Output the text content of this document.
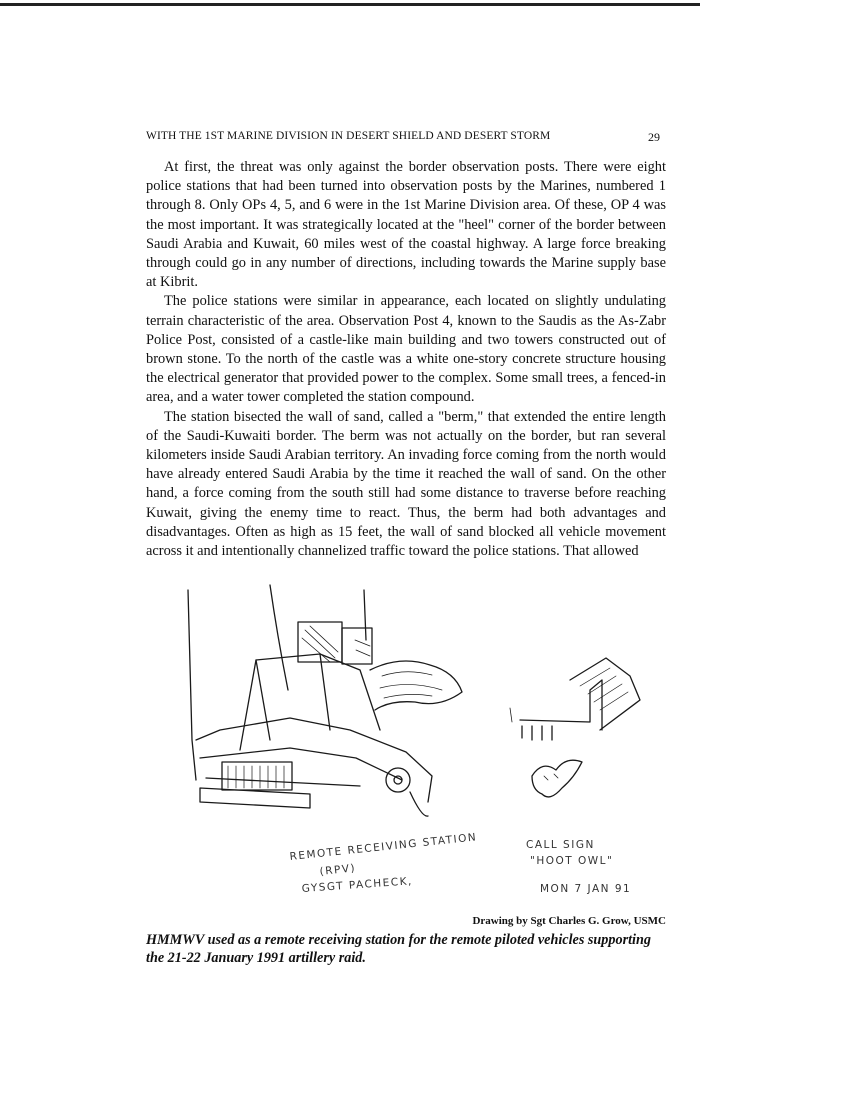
WITH THE 1ST MARINE DIVISION IN DESERT SHIELD AND DESERT STORM	29

At first, the threat was only against the border observation posts. There were eight police stations that had been turned into observation posts by the Marines, numbered 1 through 8. Only OPs 4, 5, and 6 were in the 1st Marine Division area. Of these, OP 4 was the most important. It was strategically located at the "heel" corner of the border between Saudi Arabia and Kuwait, 60 miles west of the coastal highway. A large force breaking through could go in any number of directions, including towards the Marine supply base at Kibrit.

The police stations were similar in appearance, each located on slightly undulating terrain characteristic of the area. Observation Post 4, known to the Saudis as the As-Zabr Police Post, consisted of a castle-like main building and two towers constructed out of brown stone. To the north of the castle was a white one-story concrete structure housing the electrical generator that provided power to the complex. Some small trees, a fenced-in area, and a water tower completed the station compound.

The station bisected the wall of sand, called a "berm," that extended the entire length of the Saudi-Kuwaiti border. The berm was not actually on the border, but ran several kilometers inside Saudi Arabian territory. An invading force coming from the north would have already entered Saudi Arabia by the time it reached the wall of sand. On the other hand, a force coming from the south still had some distance to traverse before reaching Kuwait, giving the enemy time to react. Thus, the berm had both advantages and disadvantages. Often as high as 15 feet, the wall of sand blocked all vehicle movement across it and intentionally channelized traffic toward the police stations. That allowed

REMOTE RECEIVING STATION
(RPV)
GYSGT PACHECK,
CALL SIGN
"HOOT OWL"
MON 7 JAN 91
Drawing by Sgt Charles G. Grow, USMC
HMMWV used as a remote receiving station for the remote piloted vehicles supporting the 21-22 January 1991 artillery raid.
